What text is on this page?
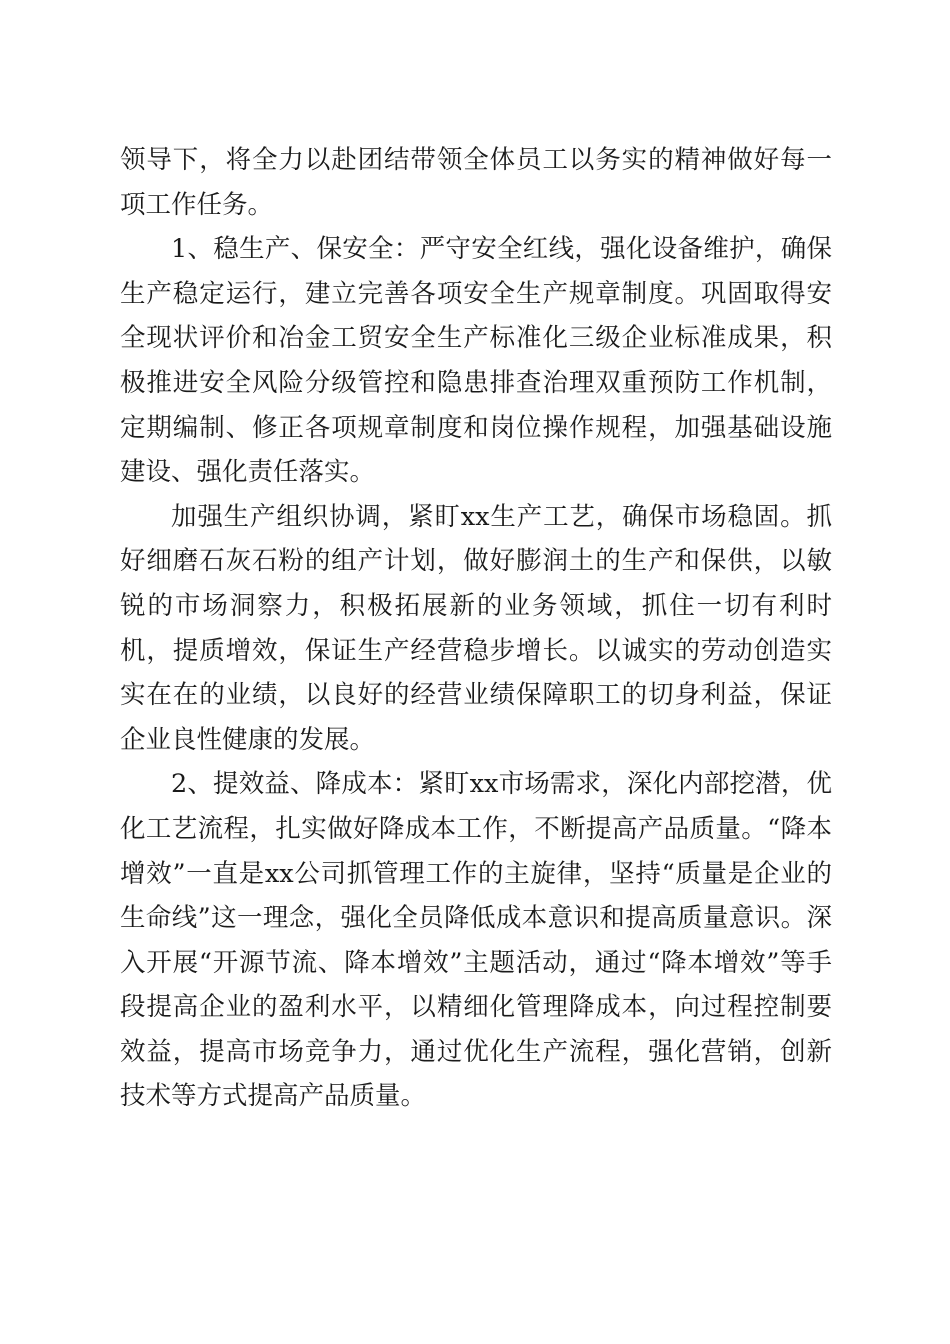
领导下，将全力以赴团结带领全体员工以务实的精神做好每一项工作任务。

1、稳生产、保安全：严守安全红线，强化设备维护，确保生产稳定运行，建立完善各项安全生产规章制度。巩固取得安全现状评价和冶金工贸安全生产标准化三级企业标准成果，积极推进安全风险分级管控和隐患排查治理双重预防工作机制，定期编制、修正各项规章制度和岗位操作规程，加强基础设施建设、强化责任落实。

加强生产组织协调，紧盯xx生产工艺，确保市场稳固。抓好细磨石灰石粉的组产计划，做好膨润土的生产和保供，以敏锐的市场洞察力，积极拓展新的业务领域，抓住一切有利时机，提质增效，保证生产经营稳步增长。以诚实的劳动创造实实在在的业绩，以良好的经营业绩保障职工的切身利益，保证企业良性健康的发展。

2、提效益、降成本：紧盯xx市场需求，深化内部挖潜，优化工艺流程，扎实做好降成本工作，不断提高产品质量。“降本增效”一直是xx公司抓管理工作的主旋律，坚持“质量是企业的生命线”这一理念，强化全员降低成本意识和提高质量意识。深入开展“开源节流、降本增效”主题活动，通过“降本增效”等手段提高企业的盈利水平，以精细化管理降成本，向过程控制要效益，提高市场竞争力，通过优化生产流程，强化营销，创新技术等方式提高产品质量。
